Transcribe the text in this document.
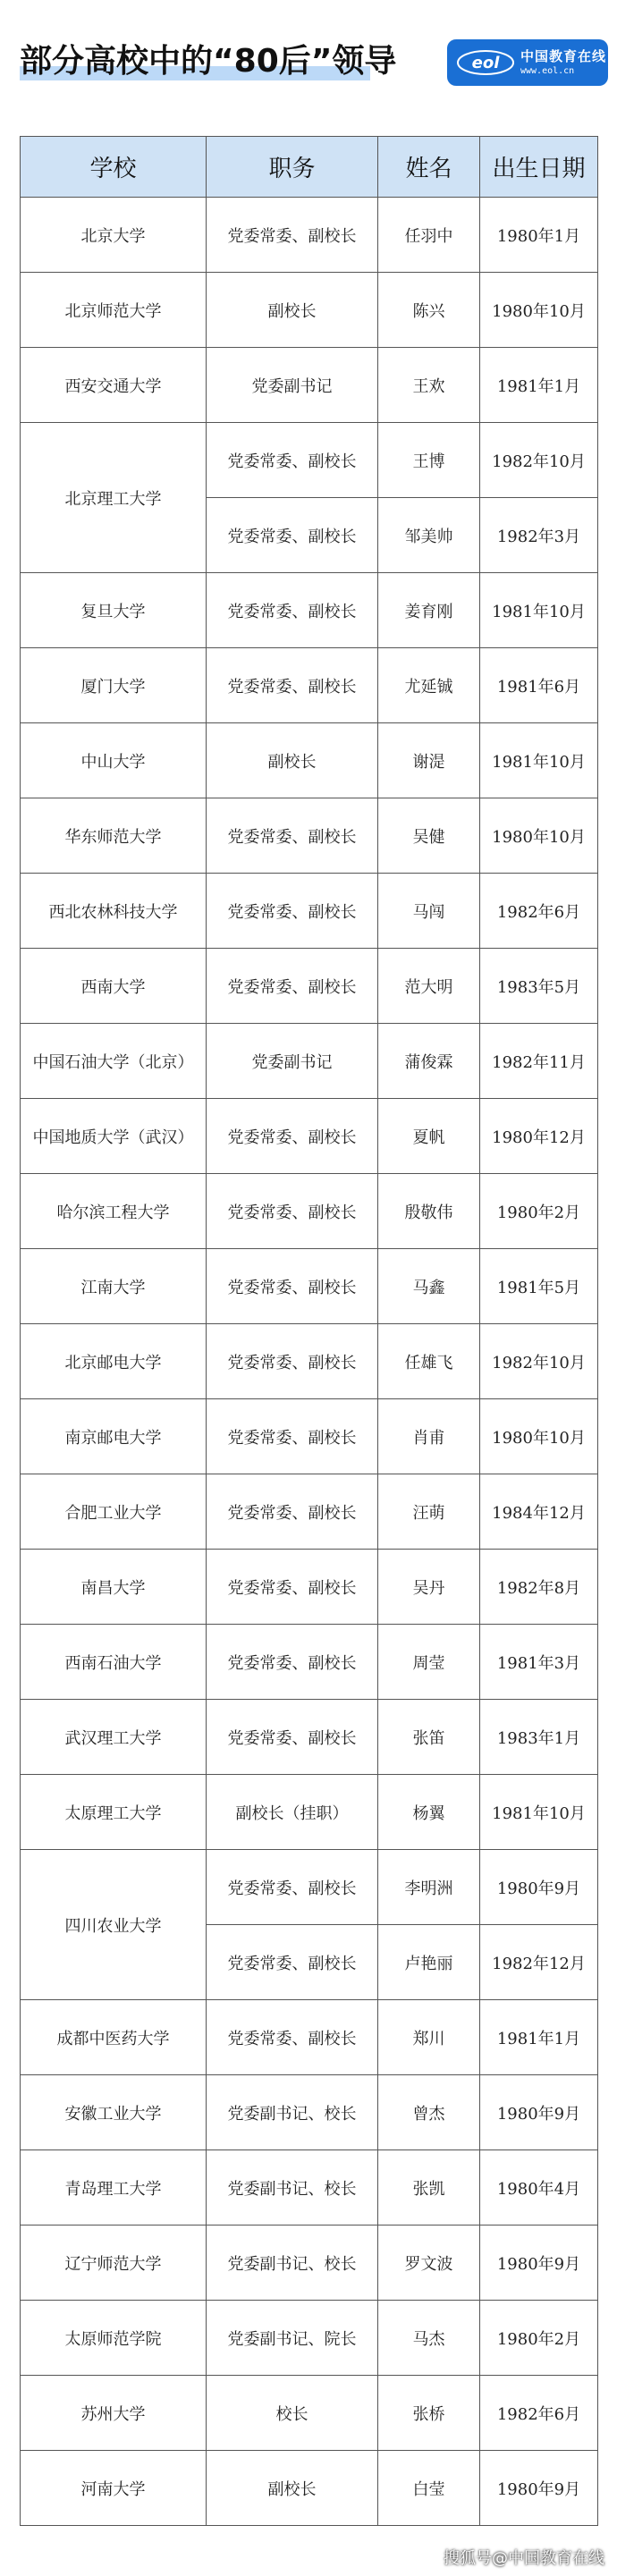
部分高校中的“80后”领导	eol 中国教育在线
www.eol.cn
学校	职务	姓名	出生日期
北京大学	党委常委、副校长	任羽中	1980年1月
北京师范大学	副校长	陈兴	1980年10月
西安交通大学	党委副书记	王欢	1981年1月
北京理工大学	党委常委、副校长	王博	1982年10月
	党委常委、副校长	邹美帅	1982年3月
复旦大学	党委常委、副校长	姜育刚	1981年10月
厦门大学	党委常委、副校长	尤延铖	1981年6月
中山大学	副校长	谢湜	1981年10月
华东师范大学	党委常委、副校长	吴健	1980年10月
西北农林科技大学	党委常委、副校长	马闯	1982年6月
西南大学	党委常委、副校长	范大明	1983年5月
中国石油大学（北京）	党委副书记	蒲俊霖	1982年11月
中国地质大学（武汉）	党委常委、副校长	夏帆	1980年12月
哈尔滨工程大学	党委常委、副校长	殷敬伟	1980年2月
江南大学	党委常委、副校长	马鑫	1981年5月
北京邮电大学	党委常委、副校长	任雄飞	1982年10月
南京邮电大学	党委常委、副校长	肖甫	1980年10月
合肥工业大学	党委常委、副校长	汪萌	1984年12月
南昌大学	党委常委、副校长	吴丹	1982年8月
西南石油大学	党委常委、副校长	周莹	1981年3月
武汉理工大学	党委常委、副校长	张笛	1983年1月
太原理工大学	副校长（挂职）	杨翼	1981年10月
四川农业大学	党委常委、副校长	李明洲	1980年9月
	党委常委、副校长	卢艳丽	1982年12月
成都中医药大学	党委常委、副校长	郑川	1981年1月
安徽工业大学	党委副书记、校长	曾杰	1980年9月
青岛理工大学	党委副书记、校长	张凯	1980年4月
辽宁师范大学	党委副书记、校长	罗文波	1980年9月
太原师范学院	党委副书记、院长	马杰	1980年2月
苏州大学	校长	张桥	1982年6月
河南大学	副校长	白莹	1980年9月
搜狐号@中国教育在线
